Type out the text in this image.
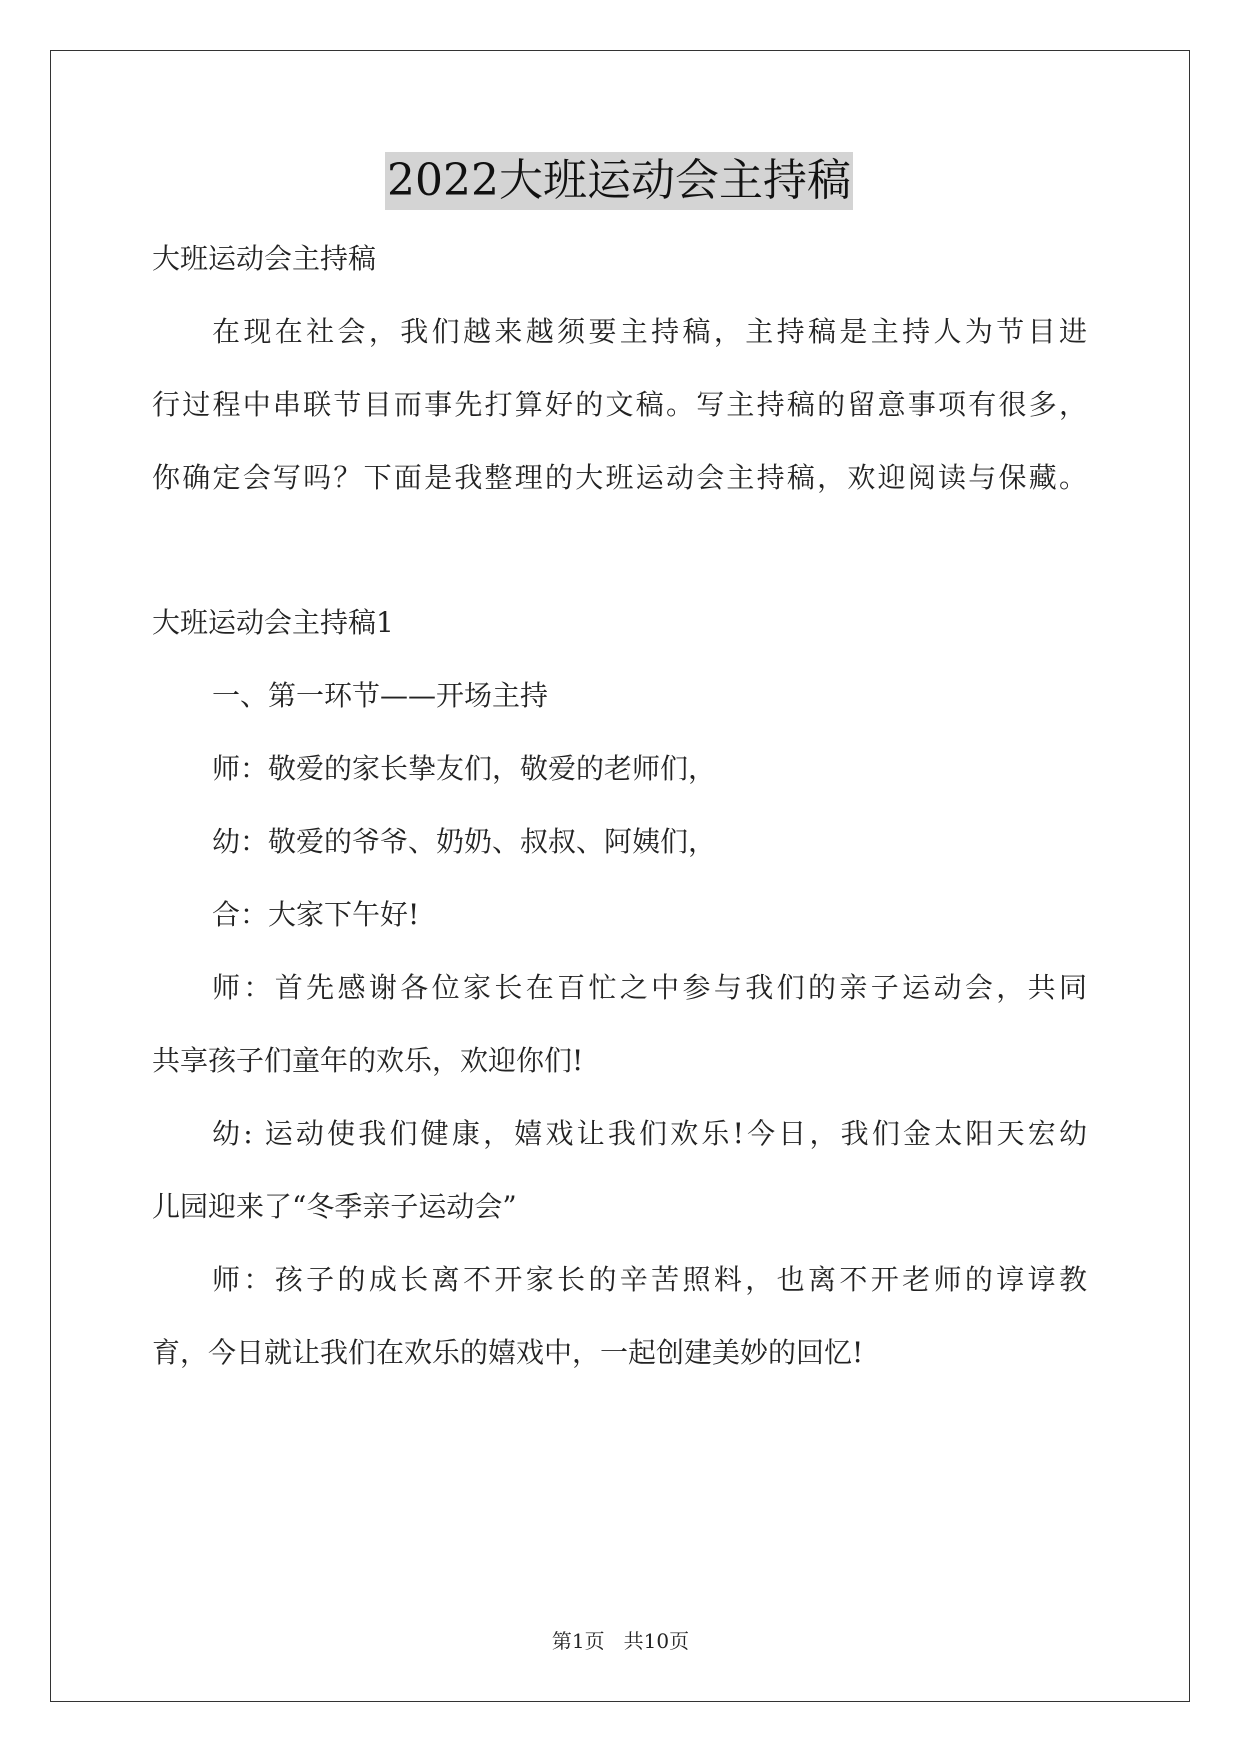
2022大班运动会主持稿
大班运动会主持稿
在现在社会，我们越来越须要主持稿，主持稿是主持人为节目进
行过程中串联节目而事先打算好的文稿。写主持稿的留意事项有很多，
你确定会写吗？下面是我整理的大班运动会主持稿，欢迎阅读与保藏。
大班运动会主持稿1
一、第一环节——开场主持
师：敬爱的家长挚友们，敬爱的老师们，
幼：敬爱的爷爷、奶奶、叔叔、阿姨们，
合：大家下午好!
师：首先感谢各位家长在百忙之中参与我们的亲子运动会，共同
共享孩子们童年的欢乐，欢迎你们!
幼: 运动使我们健康，嬉戏让我们欢乐!今日，我们金太阳天宏幼
儿园迎来了“冬季亲子运动会”
师：孩子的成长离不开家长的辛苦照料，也离不开老师的谆谆教
育，今日就让我们在欢乐的嬉戏中，一起创建美妙的回忆!
第1页 共10页
